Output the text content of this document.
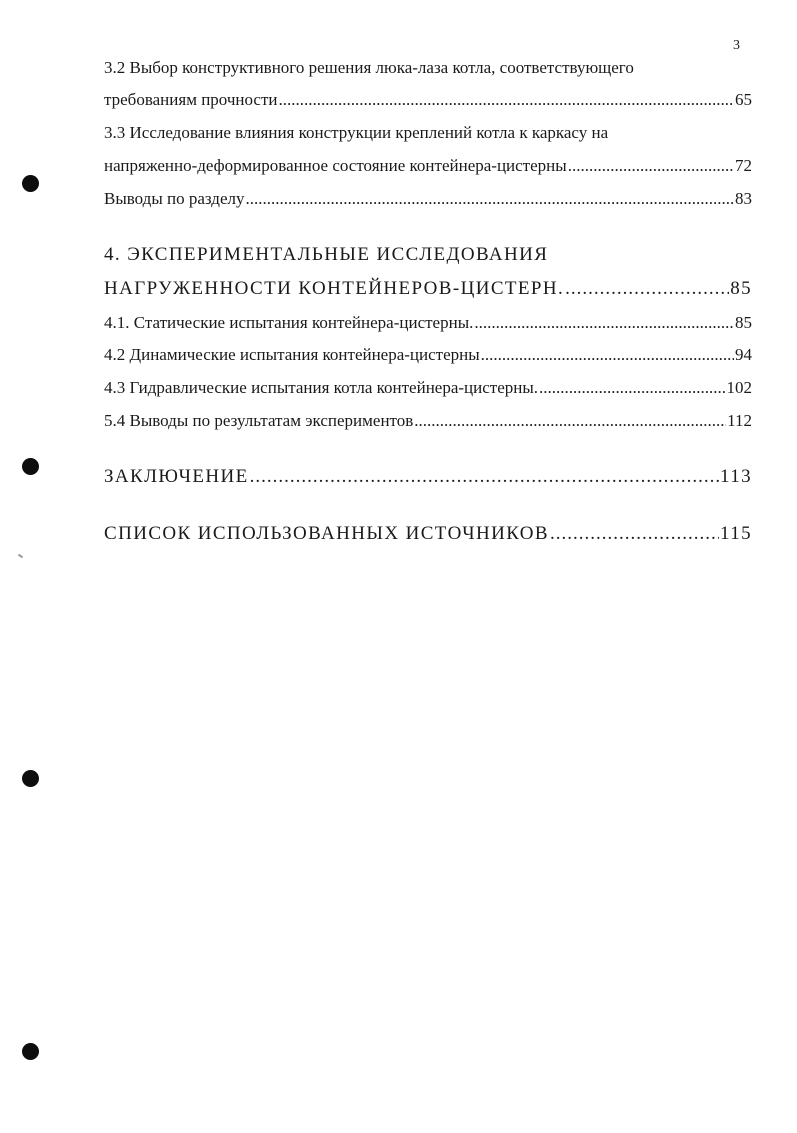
3
3.2 Выбор конструктивного решения люка-лаза котла, соответствующего
требованиям прочности .....	65
3.3 Исследование влияния конструкции креплений котла к каркасу на
напряженно-деформированное состояние контейнера-цистерны .....	72
Выводы по разделу .....	83
4. ЭКСПЕРИМЕНТАЛЬНЫЕ ИССЛЕДОВАНИЯ
НАГРУЖЕННОСТИ КОНТЕЙНЕРОВ-ЦИСТЕРН. .....	85
4.1. Статические испытания контейнера-цистерны. .....	85
4.2 Динамические испытания контейнера-цистерны .....	94
4.3 Гидравлические испытания котла контейнера-цистерны. .....	102
5.4 Выводы по результатам экспериментов .....	112
ЗАКЛЮЧЕНИЕ .....	113
СПИСОК ИСПОЛЬЗОВАННЫХ ИСТОЧНИКОВ .....	115
